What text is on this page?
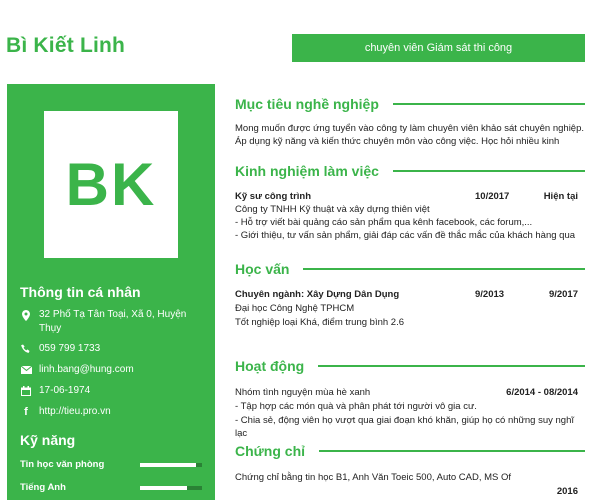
Bì Kiết Linh	chuyên viên Giám sát thi công
BK
Thông tin cá nhân
32 Phố Tạ Tân Toại, Xã 0, Huyện Thụy
059 799 1733
linh.bang@hung.com
17-06-1974
f	http://tieu.pro.vn
Kỹ năng
Tin học văn phòng
Tiếng Anh
Mục tiêu nghề nghiệp
Mong muốn được ứng tuyển vào công ty làm chuyên viên khảo sát chuyên nghiệp. Áp dụng kỹ năng và kiến thức chuyên môn vào công việc. Học hỏi nhiều kinh
Kinh nghiệm làm việc
Kỹ sư công trình	10/2017	Hiện tại
Công ty TNHH Kỹ thuật và xây dựng thiên việt
- Hỗ trợ viết bài quảng cáo sản phẩm qua kênh facebook, các forum,...
- Giới thiệu, tư vấn sản phẩm, giải đáp các vấn đề thắc mắc của khách hàng qua
Học vấn
Chuyên ngành: Xây Dựng Dân Dụng	9/2013	9/2017
Đại học Công Nghệ TPHCM
Tốt nghiệp loại Khá, điểm trung bình 2.6
Hoạt động
Nhóm tình nguyện mùa hè xanh	6/2014 - 08/2014
- Tập hợp các món quà và phân phát tới người vô gia cư.
- Chia sẻ, động viên họ vượt qua giai đoạn khó khăn, giúp họ có những suy nghĩ lạc
Chứng chỉ
Chứng chỉ bằng tin học B1, Anh Văn Toeic 500, Auto CAD, MS Of
2016
